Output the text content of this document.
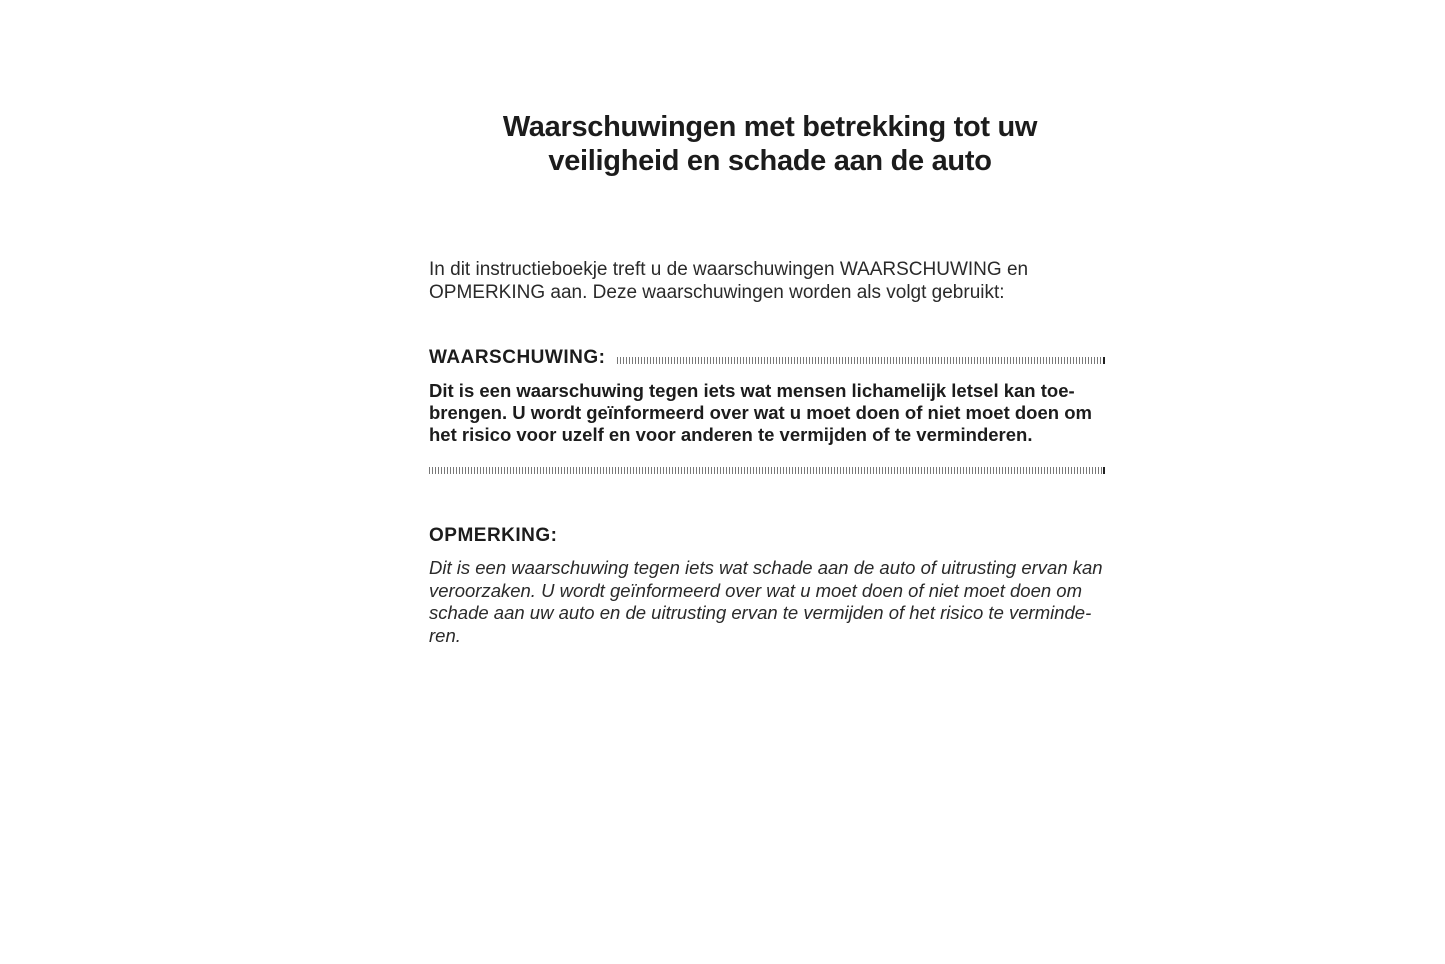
Waarschuwingen met betrekking tot uw
veiligheid en schade aan de auto

In dit instructieboekje treft u de waarschuwingen WAARSCHUWING en
OPMERKING aan. Deze waarschuwingen worden als volgt gebruikt:

WAARSCHUWING:

Dit is een waarschuwing tegen iets wat mensen lichamelijk letsel kan toe-
brengen. U wordt geïnformeerd over wat u moet doen of niet moet doen om
het risico voor uzelf en voor anderen te vermijden of te verminderen.

OPMERKING:

Dit is een waarschuwing tegen iets wat schade aan de auto of uitrusting ervan kan
veroorzaken. U wordt geïnformeerd over wat u moet doen of niet moet doen om
schade aan uw auto en de uitrusting ervan te vermijden of het risico te verminde-
ren.
